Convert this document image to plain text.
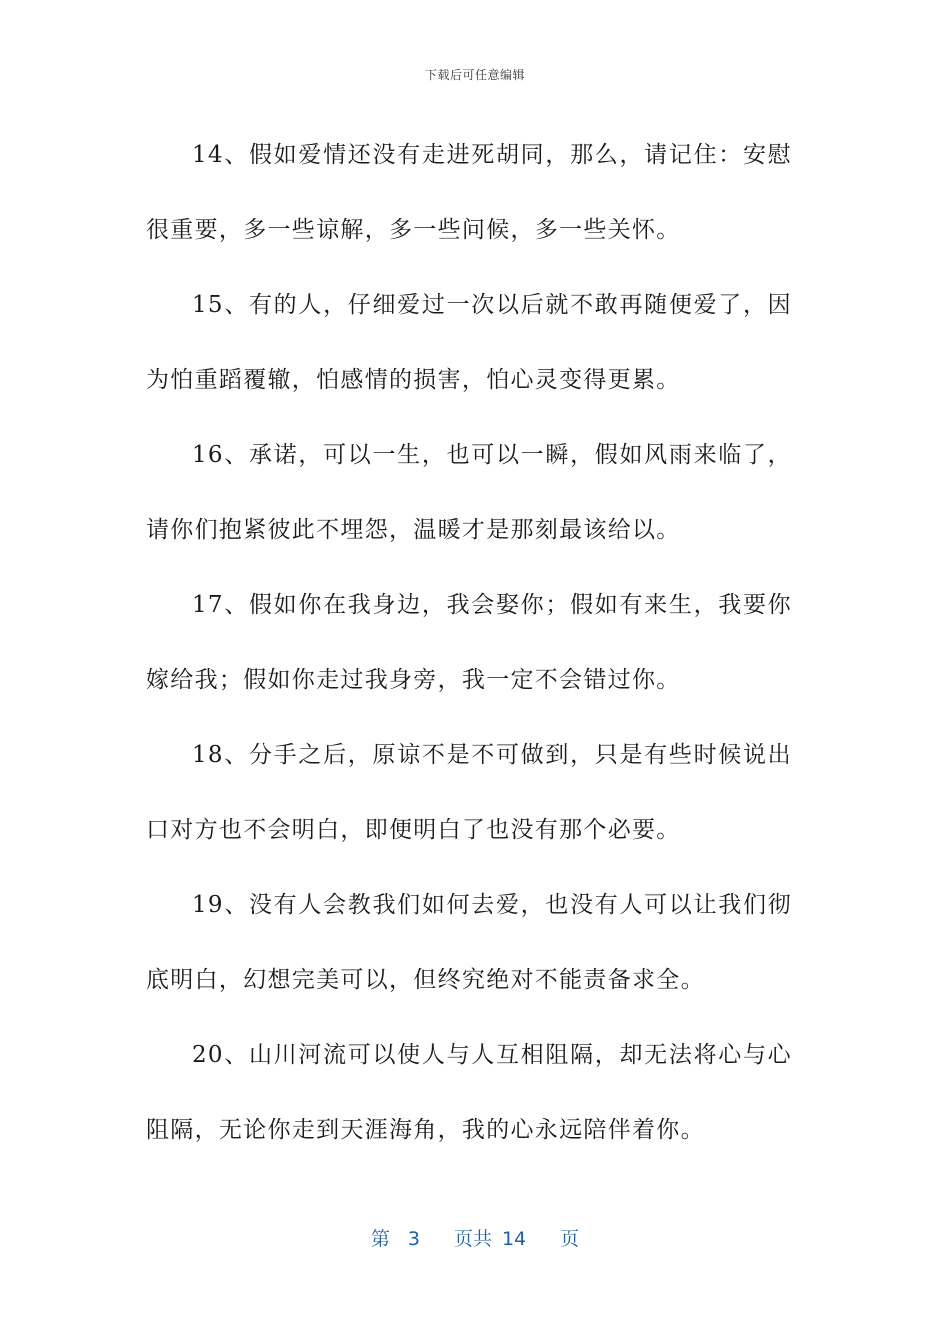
下载后可任意编辑

14、假如爱情还没有走进死胡同，那么，请记住：安慰很重要，多一些谅解，多一些问候，多一些关怀。

15、有的人，仔细爱过一次以后就不敢再随便爱了，因为怕重蹈覆辙，怕感情的损害，怕心灵变得更累。

16、承诺，可以一生，也可以一瞬，假如风雨来临了，请你们抱紧彼此不埋怨，温暖才是那刻最该给以。

17、假如你在我身边，我会娶你；假如有来生，我要你嫁给我；假如你走过我身旁，我一定不会错过你。

18、分手之后，原谅不是不可做到，只是有些时候说出口对方也不会明白，即便明白了也没有那个必要。

19、没有人会教我们如何去爱，也没有人可以让我们彻底明白，幻想完美可以，但终究绝对不能责备求全。

20、山川河流可以使人与人互相阻隔，却无法将心与心阻隔，无论你走到天涯海角，我的心永远陪伴着你。

第 3 页共 14 页
